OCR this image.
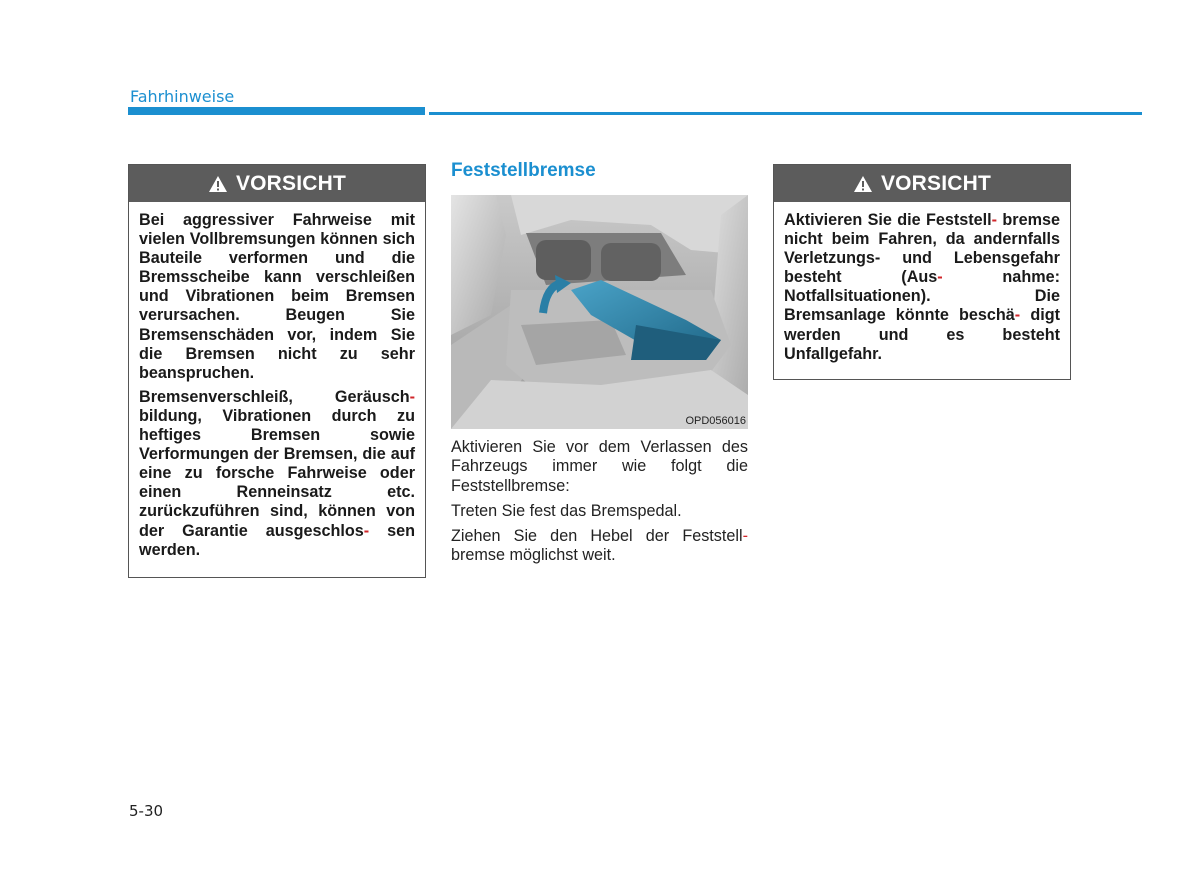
Fahrhinweise
VORSICHT

Bei aggressiver Fahrweise mit vielen Vollbremsungen können sich Bauteile verformen und die Bremsscheibe kann verschleißen und Vibrationen beim Bremsen verursachen. Beugen Sie Bremsenschäden vor, indem Sie die Bremsen nicht zu sehr beanspruchen.

Bremsenverschleiß, Geräusch- bildung, Vibrationen durch zu heftiges Bremsen sowie Verformungen der Bremsen, die auf eine zu forsche Fahrweise oder einen Renneinsatz etc. zurückzuführen sind, können von der Garantie ausgeschlos- sen werden.

Feststellbremse
OPD056016

Aktivieren Sie vor dem Verlassen des Fahrzeugs immer wie folgt die Feststellbremse:

Treten Sie fest das Bremspedal.

Ziehen Sie den Hebel der Feststell- bremse möglichst weit.

VORSICHT

Aktivieren Sie die Feststell- bremse nicht beim Fahren, da andernfalls Verletzungs- und Lebensgefahr besteht (Aus-	nahme: Notfallsituationen). Die Bremsanlage könnte beschä- digt werden und es besteht Unfallgefahr.

5-30
